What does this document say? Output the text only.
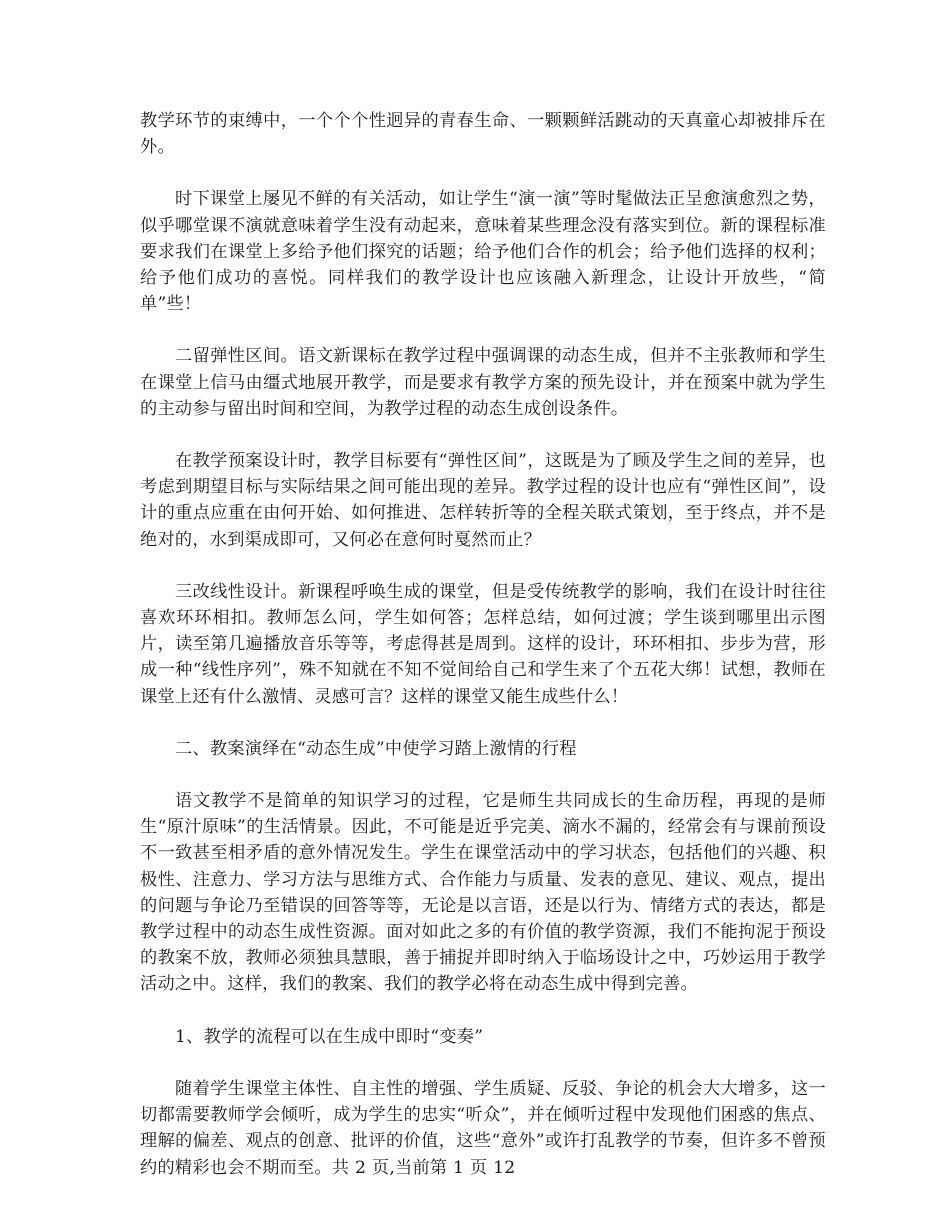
教学环节的束缚中，一个个个性迥异的青春生命、一颗颗鲜活跳动的天真童心却被排斥在外。

时下课堂上屡见不鲜的有关活动，如让学生“演一演”等时髦做法正呈愈演愈烈之势，似乎哪堂课不演就意味着学生没有动起来，意味着某些理念没有落实到位。新的课程标准要求我们在课堂上多给予他们探究的话题；给予他们合作的机会；给予他们选择的权利；给予他们成功的喜悦。同样我们的教学设计也应该融入新理念，让设计开放些，“简单”些！

二留弹性区间。语文新课标在教学过程中强调课的动态生成，但并不主张教师和学生在课堂上信马由缰式地展开教学，而是要求有教学方案的预先设计，并在预案中就为学生的主动参与留出时间和空间，为教学过程的动态生成创设条件。

在教学预案设计时，教学目标要有“弹性区间”，这既是为了顾及学生之间的差异，也考虑到期望目标与实际结果之间可能出现的差异。教学过程的设计也应有“弹性区间”，设计的重点应重在由何开始、如何推进、怎样转折等的全程关联式策划，至于终点，并不是绝对的，水到渠成即可，又何必在意何时戛然而止？

三改线性设计。新课程呼唤生成的课堂，但是受传统教学的影响，我们在设计时往往喜欢环环相扣。教师怎么问，学生如何答；怎样总结，如何过渡；学生谈到哪里出示图片，读至第几遍播放音乐等等，考虑得甚是周到。这样的设计，环环相扣、步步为营，形成一种“线性序列”，殊不知就在不知不觉间给自己和学生来了个五花大绑！试想，教师在课堂上还有什么激情、灵感可言？这样的课堂又能生成些什么！

二、教案演绎在“动态生成”中使学习踏上激情的行程

语文教学不是简单的知识学习的过程，它是师生共同成长的生命历程，再现的是师生“原汁原味”的生活情景。因此，不可能是近乎完美、滴水不漏的，经常会有与课前预设不一致甚至相矛盾的意外情况发生。学生在课堂活动中的学习状态，包括他们的兴趣、积极性、注意力、学习方法与思维方式、合作能力与质量、发表的意见、建议、观点，提出的问题与争论乃至错误的回答等等，无论是以言语，还是以行为、情绪方式的表达，都是教学过程中的动态生成性资源。面对如此之多的有价值的教学资源，我们不能拘泥于预设的教案不放，教师必须独具慧眼，善于捕捉并即时纳入于临场设计之中，巧妙运用于教学活动之中。这样，我们的教案、我们的教学必将在动态生成中得到完善。

1、教学的流程可以在生成中即时“变奏”

随着学生课堂主体性、自主性的增强、学生质疑、反驳、争论的机会大大增多，这一切都需要教师学会倾听，成为学生的忠实“听众”，并在倾听过程中发现他们困惑的焦点、理解的偏差、观点的创意、批评的价值，这些“意外”或许打乱教学的节奏，但许多不曾预约的精彩也会不期而至。共 2 页,当前第 1 页 12
